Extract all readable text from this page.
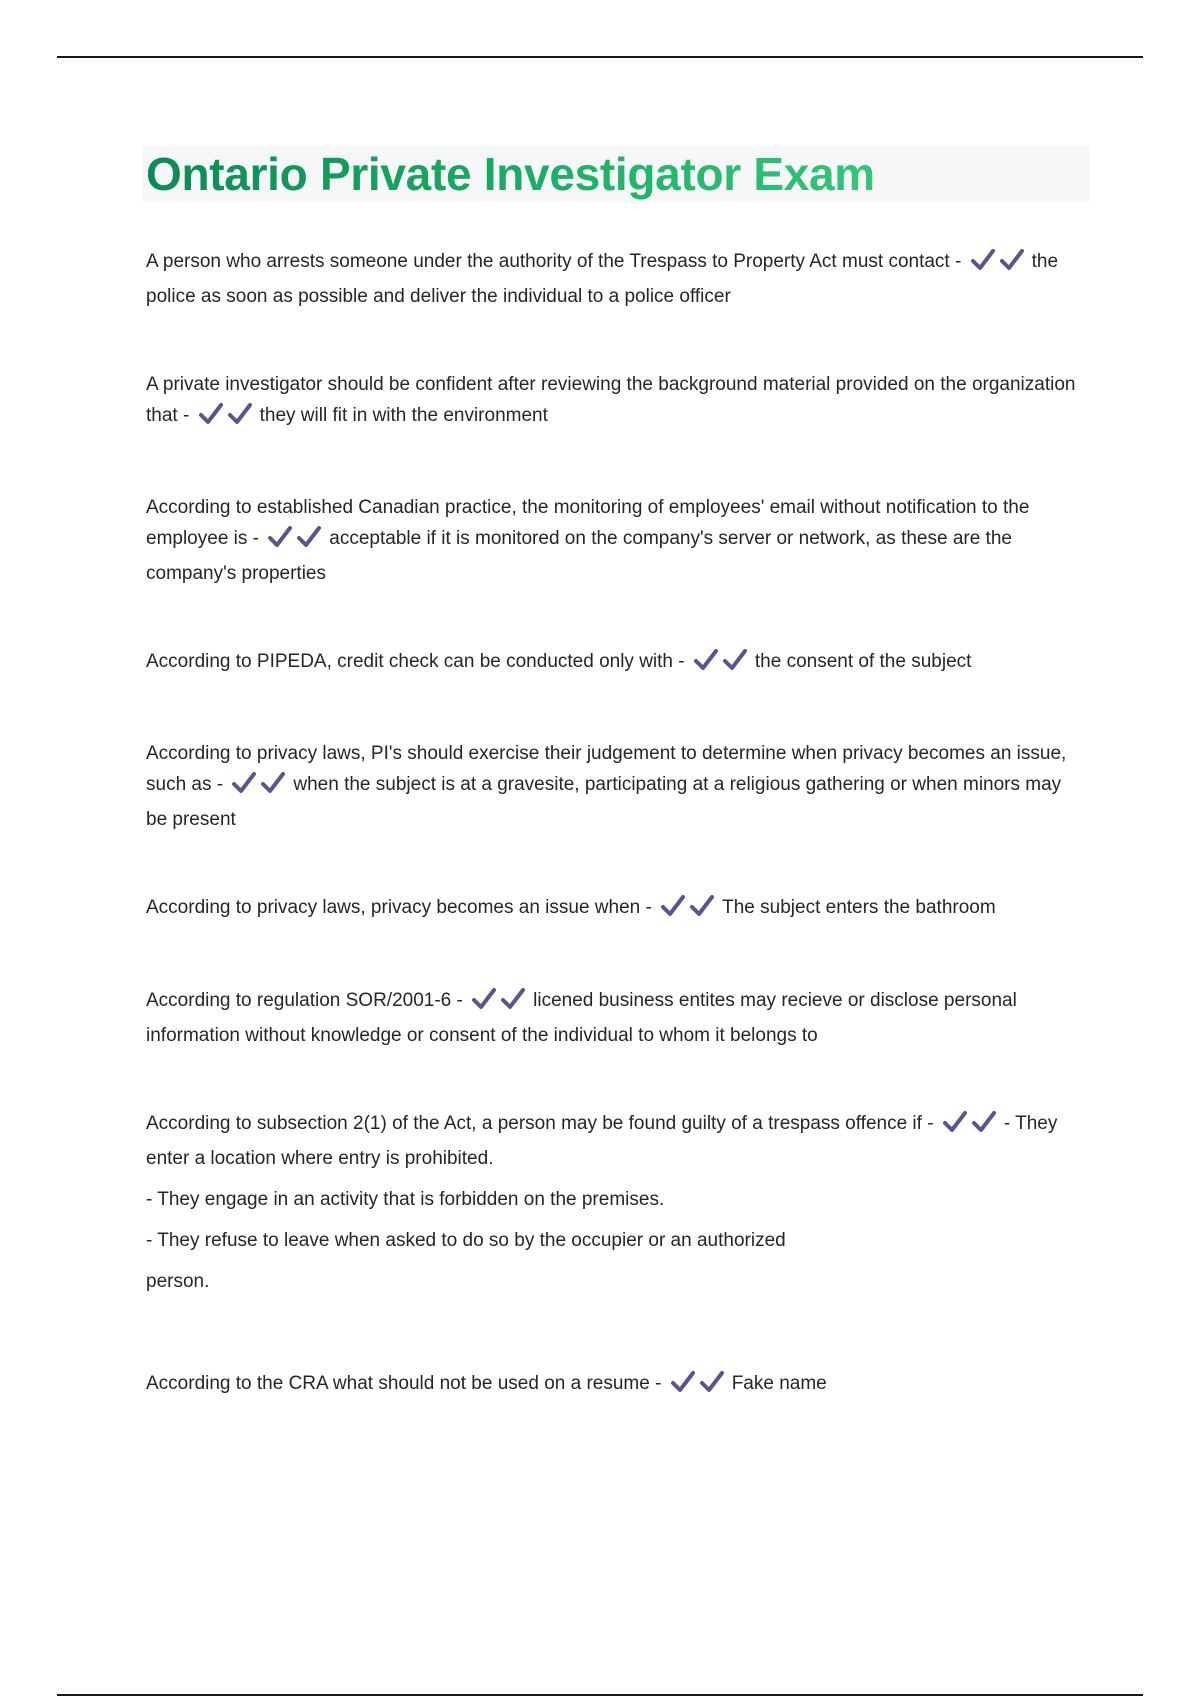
Ontario Private Investigator Exam
A person who arrests someone under the authority of the Trespass to Property Act must contact -	the police as soon as possible and deliver the individual to a police officer
A private investigator should be confident after reviewing the background material provided on the organization that -	they will fit in with the environment
According to established Canadian practice, the monitoring of employees' email without notification to the employee is -	acceptable if it is monitored on the company's server or network, as these are the company's properties
According to PIPEDA, credit check can be conducted only with -	the consent of the subject
According to privacy laws, PI's should exercise their judgement to determine when privacy becomes an issue, such as -	when the subject is at a gravesite, participating at a religious gathering or when minors may be present
According to privacy laws, privacy becomes an issue when -	The subject enters the bathroom
According to regulation SOR/2001-6 -	licened business entites may recieve or disclose personal information without knowledge or consent of the individual to whom it belongs to
According to subsection 2(1) of the Act, a person may be found guilty of a trespass offence if -	- They enter a location where entry is prohibited.
- They engage in an activity that is forbidden on the premises.
- They refuse to leave when asked to do so by the occupier or an authorized
person.
According to the CRA what should not be used on a resume -	Fake name
